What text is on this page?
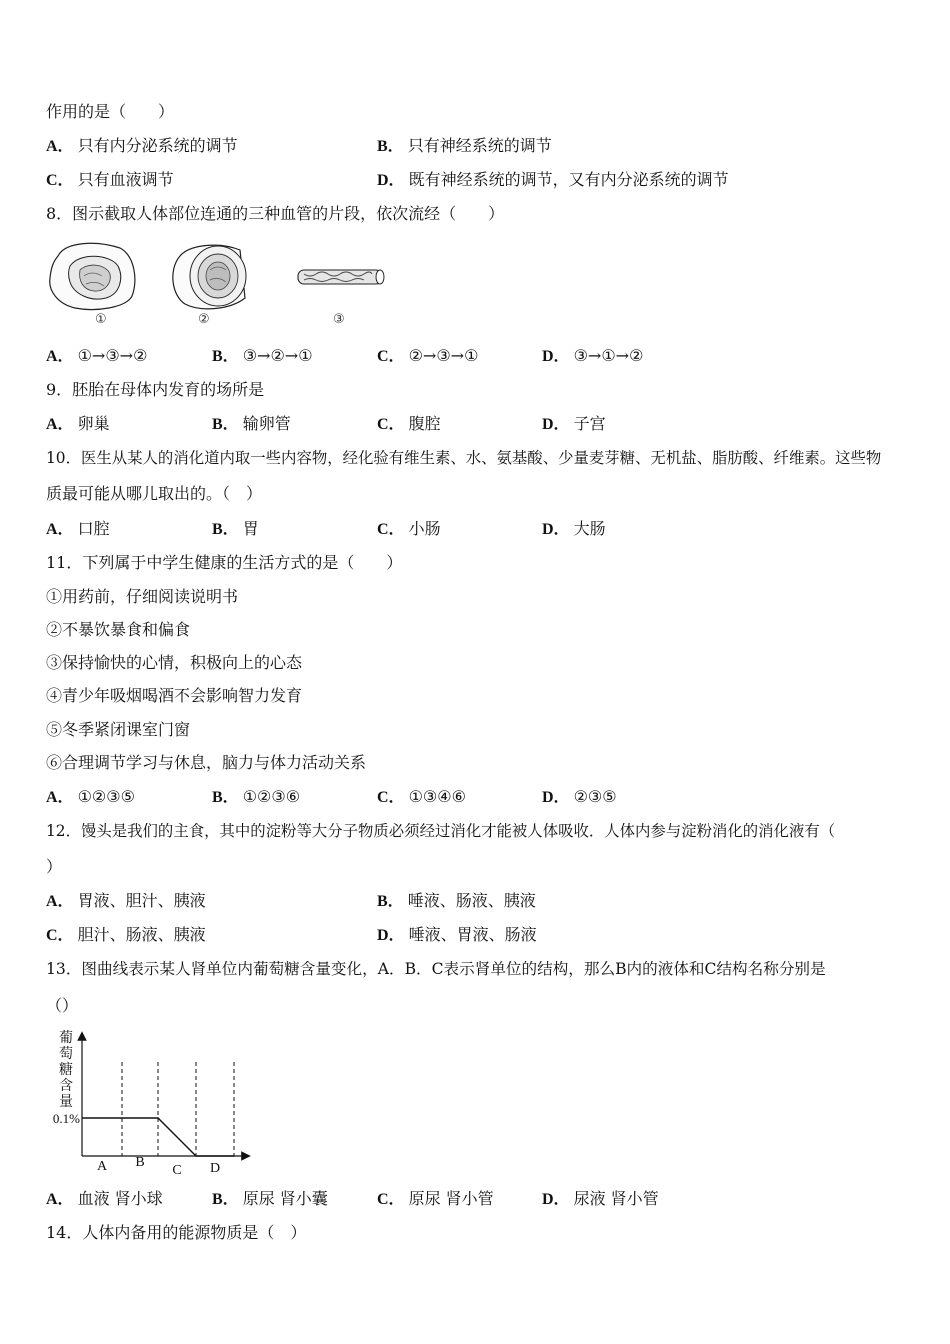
作用的是（　　）
A． 只有内分泌系统的调节	B． 只有神经系统的调节
C． 只有血液调节	D． 既有神经系统的调节，又有内分泌系统的调节
8．图示截取人体部位连通的三种血管的片段，依次流经（　　）
①	②	③
A． ①→③→②	B． ③→②→①	C． ②→③→①	D． ③→①→②
9．胚胎在母体内发育的场所是
A． 卵巢	B． 输卵管	C． 腹腔	D． 子宫
10．医生从某人的消化道内取一些内容物，经化验有维生素、水、氨基酸、少量麦芽糖、无机盐、脂肪酸、纤维素。这些物
质最可能从哪儿取出的。（　）
A． 口腔	B． 胃	C． 小肠	D． 大肠
11．下列属于中学生健康的生活方式的是（　　）
①用药前，仔细阅读说明书
②不暴饮暴食和偏食
③保持愉快的心情，积极向上的心态
④青少年吸烟喝酒不会影响智力发育
⑤冬季紧闭课室门窗
⑥合理调节学习与休息，脑力与体力活动关系
A． ①②③⑤	B． ①②③⑥	C． ①③④⑥	D． ②③⑤
12．馒头是我们的主食，其中的淀粉等大分子物质必须经过消化才能被人体吸收．人体内参与淀粉消化的消化液有（
）
A． 胃液、胆汁、胰液	B． 唾液、肠液、胰液
C． 胆汁、肠液、胰液	D． 唾液、胃液、肠液
13．图曲线表示某人肾单位内葡萄糖含量变化，A．B．C表示肾单位的结构，那么B内的液体和C结构名称分别是
（）
0.1%
A B
C D
葡萄糖含量
A． 血液 肾小球	B． 原尿 肾小囊	C． 原尿 肾小管	D． 尿液 肾小管
14．人体内备用的能源物质是（　）
